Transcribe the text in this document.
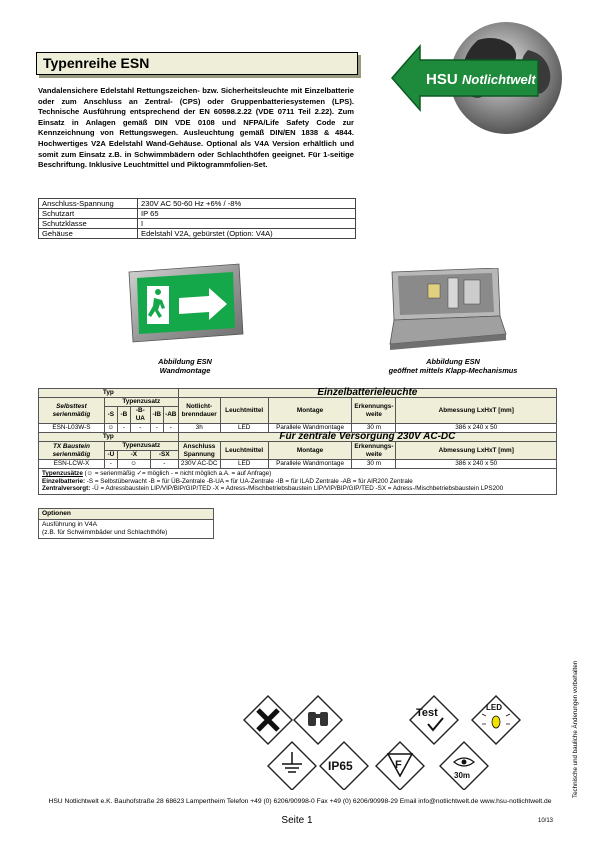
Typenreihe ESN
HSU Notlichtwelt
Vandalensichere Edelstahl Rettungszeichen- bzw. Sicherheitsleuchte mit Einzelbatterie oder zum Anschluss an Zentral- (CPS) oder Gruppenbatteriesystemen (LPS). Technische Ausführung entsprechend der EN 60598.2.22 (VDE 0711 Teil 2.22). Zum Einsatz in Anlagen gemäß DIN VDE 0108 und NFPA/Life Safety Code zur Kennzeichnung von Rettungswegen. Ausleuchtung gemäß DIN/EN 1838 & 4844. Hochwertiges V2A Edelstahl Wand-Gehäuse. Optional als V4A Version erhältlich und somit zum Einsatz z.B. in Schwimmbädern oder Schlachthöfen geeignet. Für 1-seitige Beschriftung. Inklusive Leuchtmittel und Piktogrammfolien-Set.
Anschluss-Spannung	230V AC 50-60 Hz +6% / -8%
Schutzart	IP 65
Schutzklasse	I
Gehäuse	Edelstahl V2A, gebürstet (Option: V4A)
Abbildung ESN
Wandmontage
Abbildung ESN
geöffnet mittels Klapp-Mechanismus
Typ						Einzelbatterieleuchte				
Selbsttest serienmäßig	Typenzusatz					Notlicht-brenndauer	Leuchtmittel	Montage	Erkennungs-weite	Abmessung LxHxT [mm]
	-S	-B	-B-UA	-IB	-AB					
ESN-L03W-S	☺	-	-	-	-	3h	LED	Parallele Wandmontage	30 m	386 x 240 x 50
Typ						Für zentrale Versorgung 230V AC-DC				
TX Baustein serienmäßig	Typenzusatz					Anschluss Spannung	Leuchtmittel	Montage	Erkennungs-weite	Abmessung LxHxT [mm]
	-Ü	-X		-SX						
ESN-LCW-X	-	☺		-		230V AC-DC	LED	Parallele Wandmontage	30 m	386 x 240 x 50
Typenzusätze (☺ = serienmäßig ✓= möglich - = nicht möglich a.A. = auf Anfrage)
Einzelbatterie: -S = Selbstüberwacht -B = für ÜB-Zentrale -B-UA = für UA-Zentrale -IB = für ILAD Zentrale -AB = für AIR200 Zentrale
Zentralversorgt: -Ü = Adressbaustein LIP/VIP/BIP/GIP/TED -X = Adress-/Mischbetriebsbaustein LIP/VIP/BIP/GIP/TED -SX = Adress-/Mischbetriebsbaustein LPS200
Optionen

Ausführung in V4A
(z.B. für Schwimmbäder und Schlachthöfe)
Test	LED
IP65	F
30m	Technische und bauliche Änderungen vorbehalten
HSU Notlichtwelt e.K. Bauhofstraße 28 68623 Lampertheim Telefon +49 (0) 6206/90998-0 Fax +49 (0) 6206/90998-29 Email info@notlichtwelt.de www.hsu-notlichtwelt.de
Seite 1	10/13
